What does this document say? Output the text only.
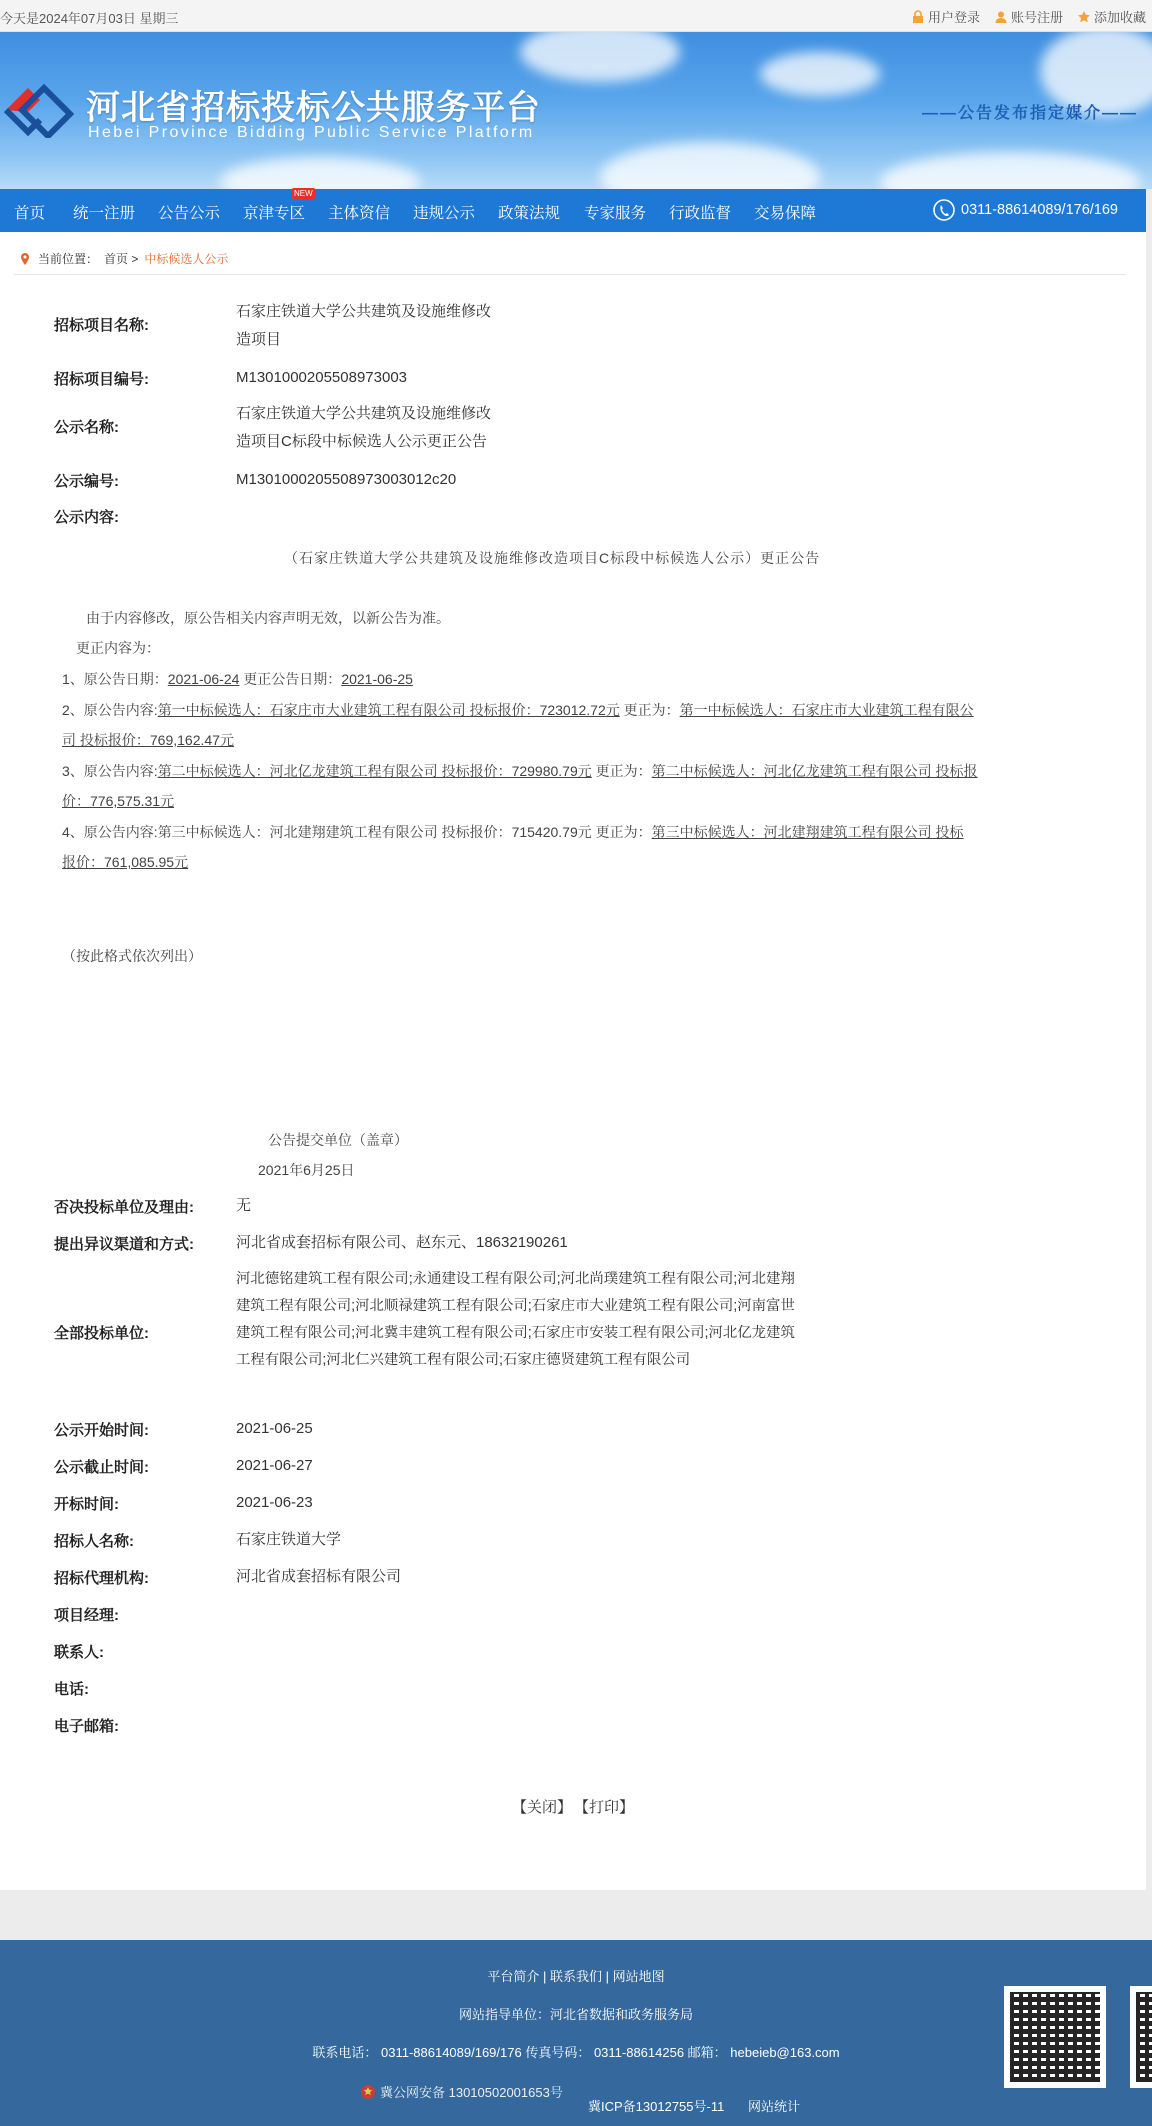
今天是2024年07月03日 星期三	用户登录 账号注册 添加收藏
河北省招标投标公共服务平台
Hebei Province Bidding Public Service Platform
——公告发布指定媒介——
首页 统一注册 公告公示 京津专区
NEW
主体资信 违规公示 政策法规 专家服务 行政监督 交易保障	0311-88614089/176/169
当前位置： 首页 > 中标候选人公示
招标项目名称:
石家庄铁道大学公共建筑及设施维修改
造项目
招标项目编号:	M1301000205508973003
公示名称:
石家庄铁道大学公共建筑及设施维修改
造项目C标段中标候选人公示更正公告
公示编号:	M1301000205508973003012c20
公示内容:
（石家庄铁道大学公共建筑及设施维修改造项目C标段中标候选人公示）更正公告
由于内容修改，原公告相关内容声明无效，以新公告为准。
更正内容为：
1、原公告日期：2021-06-24 更正公告日期：2021-06-25
2、原公告内容:第一中标候选人：石家庄市大业建筑工程有限公司 投标报价：723012.72元 更正为：第一中标候选人：石家庄市大业建筑工程有限公
司 投标报价：769,162.47元
3、原公告内容:第二中标候选人：河北亿龙建筑工程有限公司 投标报价：729980.79元 更正为：第二中标候选人：河北亿龙建筑工程有限公司 投标报
价：776,575.31元
4、原公告内容:第三中标候选人：河北建翔建筑工程有限公司 投标报价：715420.79元 更正为：第三中标候选人：河北建翔建筑工程有限公司 投标
报价：761,085.95元
（按此格式依次列出）
公告提交单位（盖章）
2021年6月25日
否决投标单位及理由:	无
提出异议渠道和方式:	河北省成套招标有限公司、赵东元、18632190261
全部投标单位:
河北德铭建筑工程有限公司;永通建设工程有限公司;河北尚璞建筑工程有限公司;河北建翔建筑工程有限公司;河北顺禄建筑工程有限公司;石家庄市大业建筑工程有限公司;河南富世建筑工程有限公司;河北冀丰建筑工程有限公司;石家庄市安装工程有限公司;河北亿龙建筑工程有限公司;河北仁兴建筑工程有限公司;石家庄德贤建筑工程有限公司
公示开始时间:	2021-06-25
公示截止时间:	2021-06-27
开标时间:	2021-06-23
招标人名称:	石家庄铁道大学
招标代理机构:	河北省成套招标有限公司
项目经理:
联系人:
电话:
电子邮箱:
【关闭】 【打印】
平台简介 | 联系我们 | 网站地图
网站指导单位：河北省数据和政务服务局
联系电话： 0311-88614089/169/176 传真号码： 0311-88614256 邮箱： hebeieb@163.com
冀公网安备 13010502001653号
冀ICP备13012755号-11 网站统计
